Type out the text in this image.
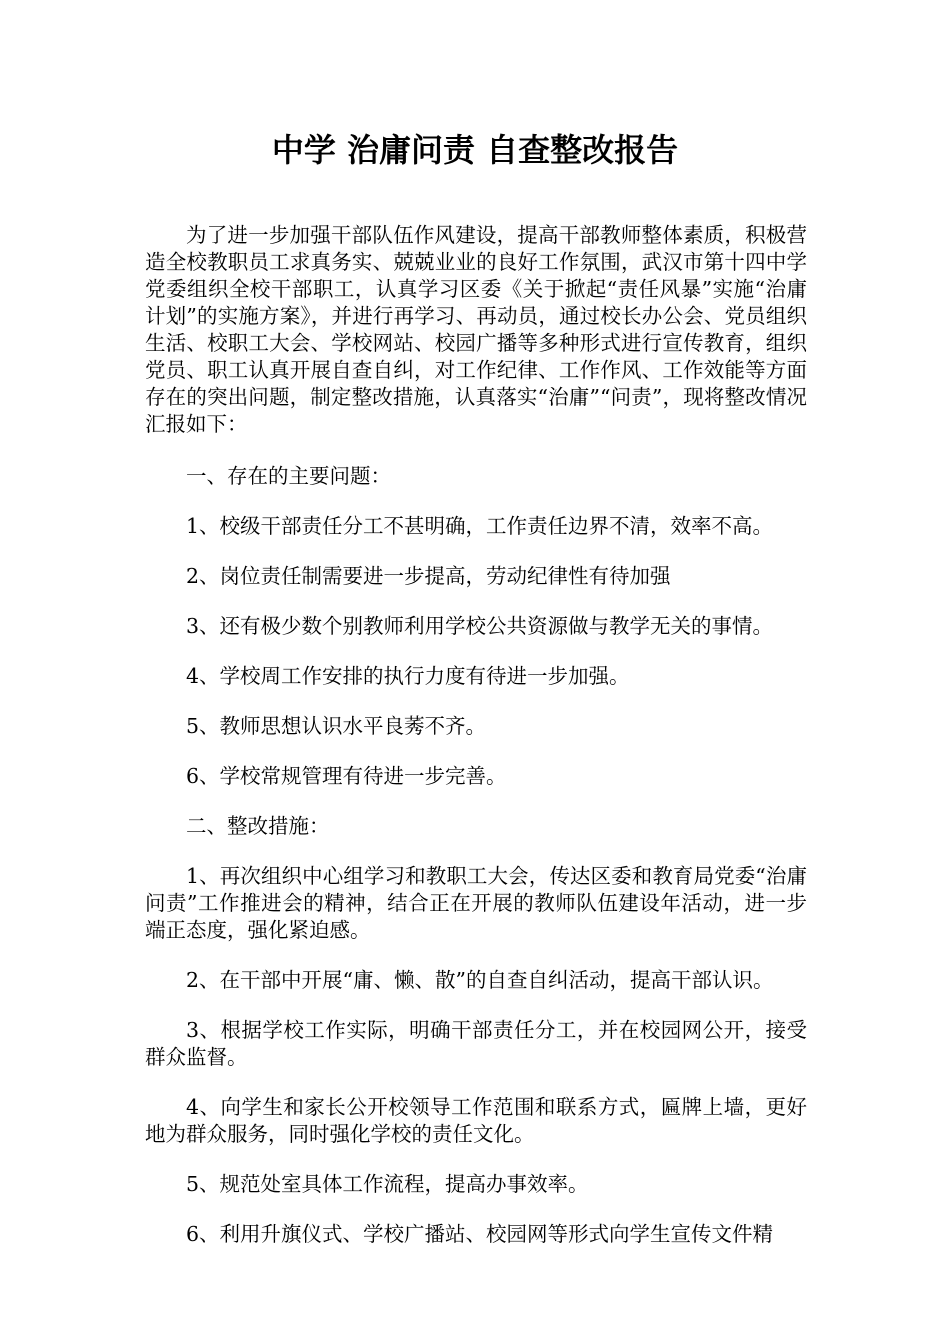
中学 治庸问责 自查整改报告

为了进一步加强干部队伍作风建设，提高干部教师整体素质，积极营造全校教职员工求真务实、兢兢业业的良好工作氛围，武汉市第十四中学党委组织全校干部职工，认真学习区委《关于掀起“责任风暴”实施“治庸计划”的实施方案》，并进行再学习、再动员，通过校长办公会、党员组织生活、校职工大会、学校网站、校园广播等多种形式进行宣传教育，组织党员、职工认真开展自查自纠，对工作纪律、工作作风、工作效能等方面存在的突出问题，制定整改措施，认真落实“治庸”“问责”，现将整改情况汇报如下：

一、存在的主要问题：

1、校级干部责任分工不甚明确，工作责任边界不清，效率不高。

2、岗位责任制需要进一步提高，劳动纪律性有待加强

3、还有极少数个别教师利用学校公共资源做与教学无关的事情。

4、学校周工作安排的执行力度有待进一步加强。

5、教师思想认识水平良莠不齐。

6、学校常规管理有待进一步完善。

二、整改措施：

1、再次组织中心组学习和教职工大会，传达区委和教育局党委“治庸问责”工作推进会的精神，结合正在开展的教师队伍建设年活动，进一步端正态度，强化紧迫感。

2、在干部中开展“庸、懒、散”的自查自纠活动，提高干部认识。

3、根据学校工作实际，明确干部责任分工，并在校园网公开，接受群众监督。

4、向学生和家长公开校领导工作范围和联系方式，匾牌上墙，更好地为群众服务，同时强化学校的责任文化。

5、规范处室具体工作流程，提高办事效率。

6、利用升旗仪式、学校广播站、校园网等形式向学生宣传文件精
